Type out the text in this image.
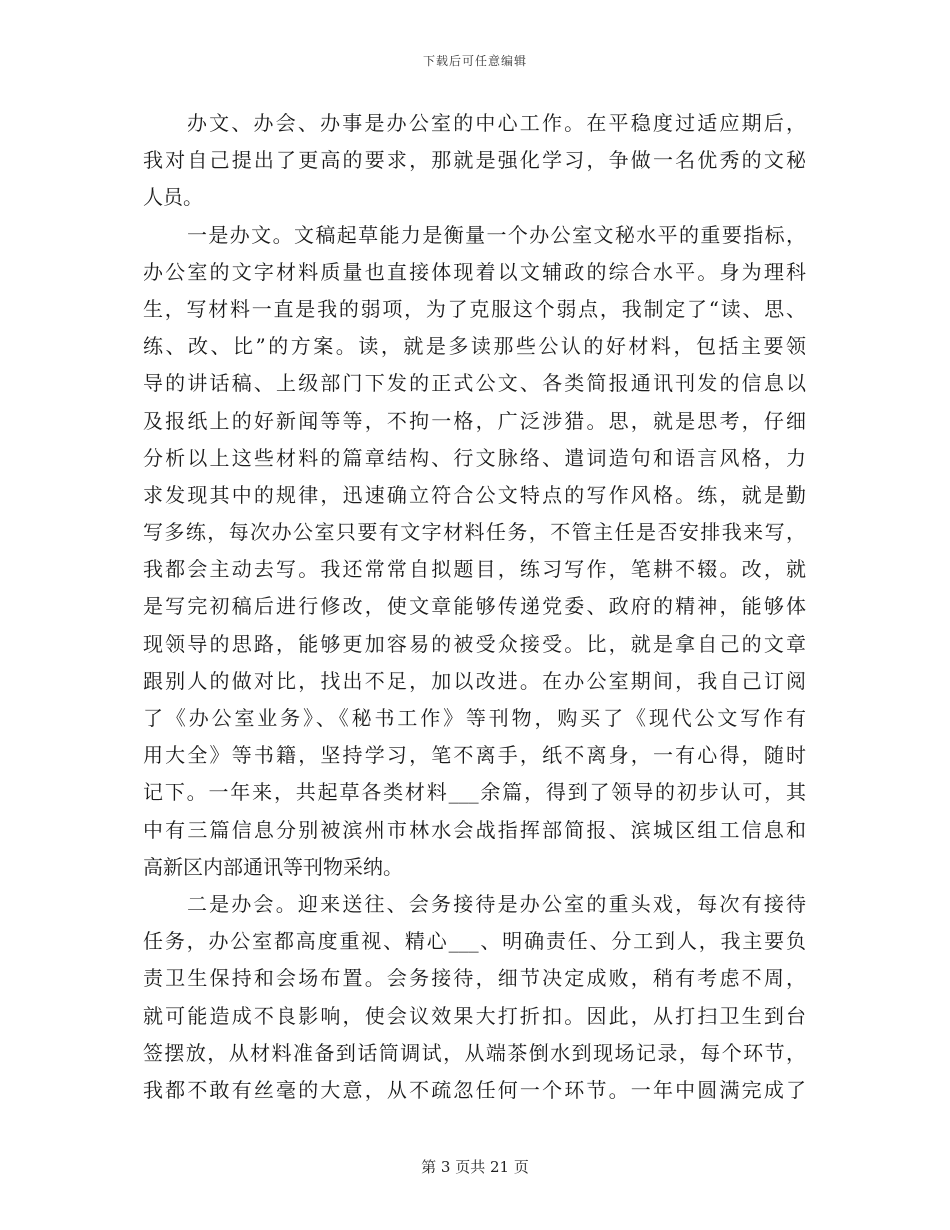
下载后可任意编辑
办文、办会、办事是办公室的中心工作。在平稳度过适应期后，
我对自己提出了更高的要求，那就是强化学习，争做一名优秀的文秘
人员。
一是办文。文稿起草能力是衡量一个办公室文秘水平的重要指标，
办公室的文字材料质量也直接体现着以文辅政的综合水平。身为理科
生，写材料一直是我的弱项，为了克服这个弱点，我制定了“读、思、
练、改、比”的方案。读，就是多读那些公认的好材料，包括主要领
导的讲话稿、上级部门下发的正式公文、各类简报通讯刊发的信息以
及报纸上的好新闻等等，不拘一格，广泛涉猎。思，就是思考，仔细
分析以上这些材料的篇章结构、行文脉络、遣词造句和语言风格，力
求发现其中的规律，迅速确立符合公文特点的写作风格。练，就是勤
写多练，每次办公室只要有文字材料任务，不管主任是否安排我来写，
我都会主动去写。我还常常自拟题目，练习写作，笔耕不辍。改，就
是写完初稿后进行修改，使文章能够传递党委、政府的精神，能够体
现领导的思路，能够更加容易的被受众接受。比，就是拿自己的文章
跟别人的做对比，找出不足，加以改进。在办公室期间，我自己订阅
了《办公室业务》、《秘书工作》等刊物，购买了《现代公文写作有
用大全》等书籍，坚持学习，笔不离手，纸不离身，一有心得，随时
记下。一年来，共起草各类材料___余篇，得到了领导的初步认可，其
中有三篇信息分别被滨州市林水会战指挥部简报、滨城区组工信息和
高新区内部通讯等刊物采纳。
二是办会。迎来送往、会务接待是办公室的重头戏，每次有接待
任务，办公室都高度重视、精心___、明确责任、分工到人，我主要负
责卫生保持和会场布置。会务接待，细节决定成败，稍有考虑不周，
就可能造成不良影响，使会议效果大打折扣。因此，从打扫卫生到台
签摆放，从材料准备到话筒调试，从端茶倒水到现场记录，每个环节，
我都不敢有丝毫的大意，从不疏忽任何一个环节。一年中圆满完成了
第 3 页共 21 页
